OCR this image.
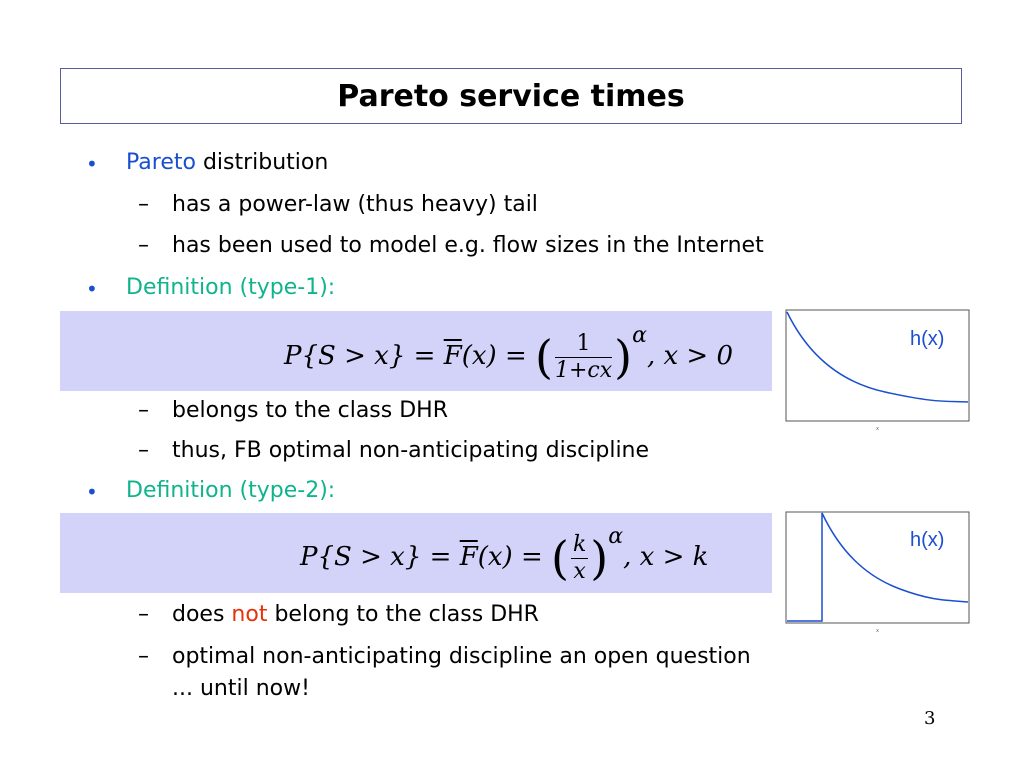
Pareto service times
• Pareto distribution
– has a power-law (thus heavy) tail
– has been used to model e.g. flow sizes in the Internet
• Definition (type-1):
$P\{S > x\} = \overline{F}(x)$ = ( $\frac{1}{1+cx} )^\alpha$, x > 0
x
h(x)
– belongs to the class DHR
– thus, FB optimal non-anticipating discipline
• Definition (type-2):
$P\{S > x\} = \overline{F}(x)$ = ( $\frac{k}{x} )^\alpha$, x > k
x
h(x)
– does not belong to the class DHR
– optimal non-anticipating discipline an open question
... until now!
3
